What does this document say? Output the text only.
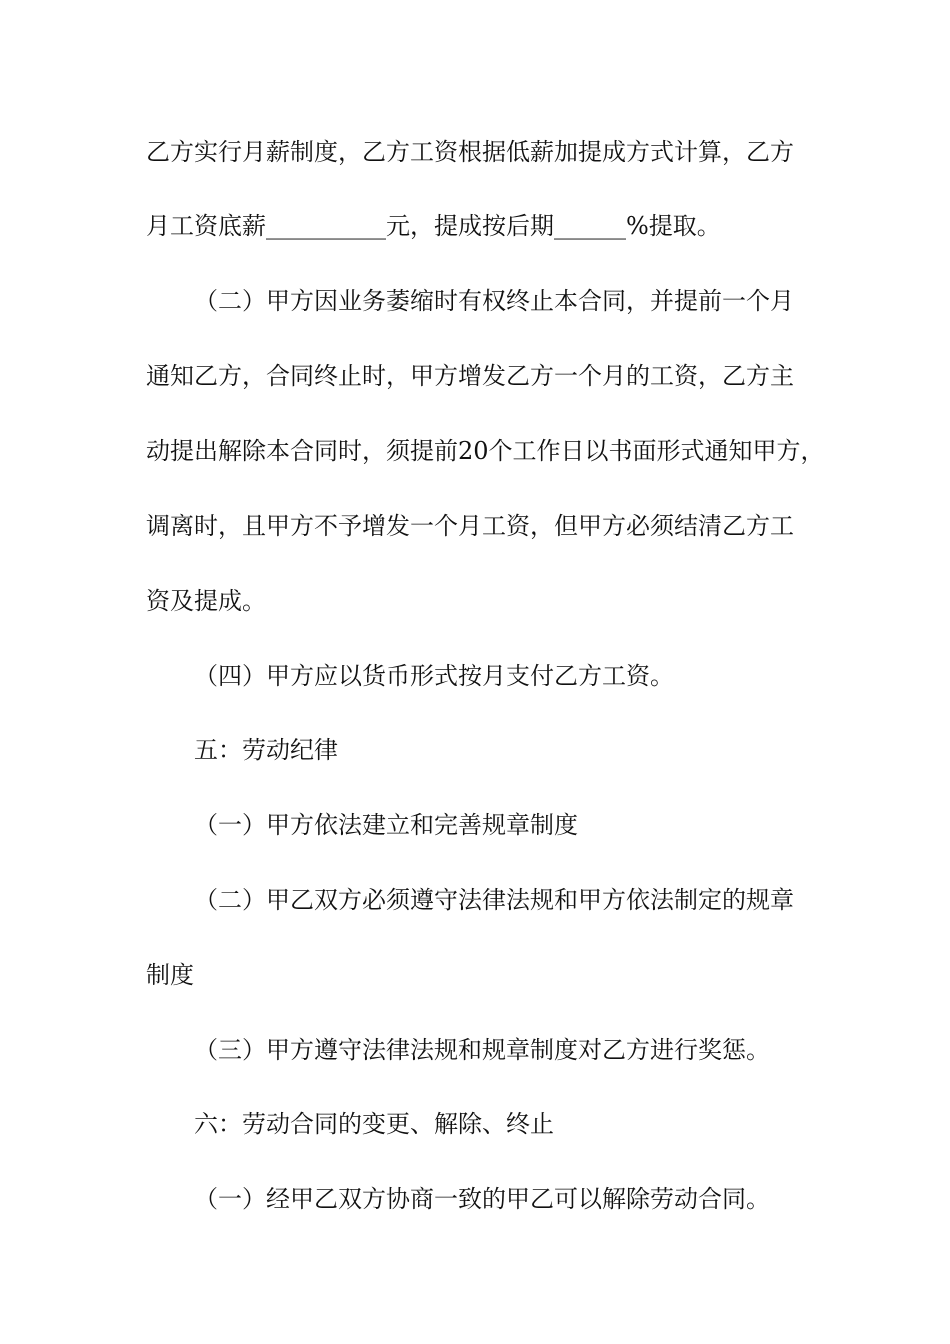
乙方实行月薪制度，乙方工资根据低薪加提成方式计算，乙方
月工资底薪__________元，提成按后期______%提取。
（二）甲方因业务萎缩时有权终止本合同，并提前一个月
通知乙方，合同终止时，甲方增发乙方一个月的工资，乙方主
动提出解除本合同时，须提前20个工作日以书面形式通知甲方，
调离时，且甲方不予增发一个月工资，但甲方必须结清乙方工
资及提成。
（四）甲方应以货币形式按月支付乙方工资。
五：劳动纪律
（一）甲方依法建立和完善规章制度
（二）甲乙双方必须遵守法律法规和甲方依法制定的规章
制度
（三）甲方遵守法律法规和规章制度对乙方进行奖惩。
六：劳动合同的变更、解除、终止
（一）经甲乙双方协商一致的甲乙可以解除劳动合同。
